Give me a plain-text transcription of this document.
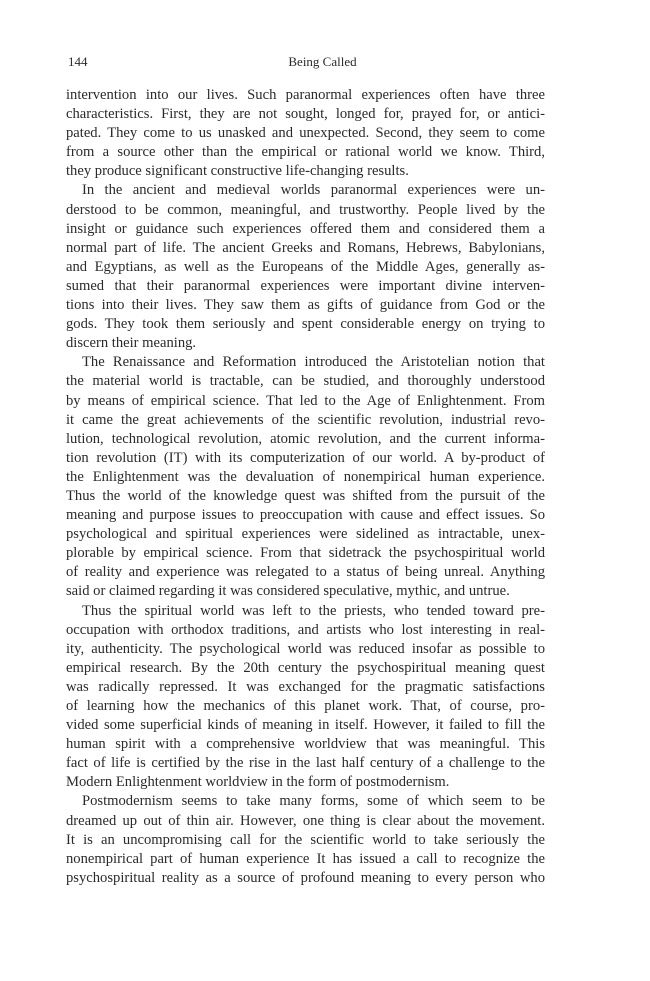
144	Being Called
intervention into our lives. Such paranormal experiences often have three
characteristics. First, they are not sought, longed for, prayed for, or antici-
pated. They come to us unasked and unexpected. Second, they seem to come
from a source other than the empirical or rational world we know. Third,
they produce significant constructive life-changing results.
In the ancient and medieval worlds paranormal experiences were un-
derstood to be common, meaningful, and trustworthy. People lived by the
insight or guidance such experiences offered them and considered them a
normal part of life. The ancient Greeks and Romans, Hebrews, Babylonians,
and Egyptians, as well as the Europeans of the Middle Ages, generally as-
sumed that their paranormal experiences were important divine interven-
tions into their lives. They saw them as gifts of guidance from God or the
gods. They took them seriously and spent considerable energy on trying to
discern their meaning.
The Renaissance and Reformation introduced the Aristotelian notion that
the material world is tractable, can be studied, and thoroughly understood
by means of empirical science. That led to the Age of Enlightenment. From
it came the great achievements of the scientific revolution, industrial revo-
lution, technological revolution, atomic revolution, and the current informa-
tion revolution (IT) with its computerization of our world. A by-product of
the Enlightenment was the devaluation of nonempirical human experience.
Thus the world of the knowledge quest was shifted from the pursuit of the
meaning and purpose issues to preoccupation with cause and effect issues. So
psychological and spiritual experiences were sidelined as intractable, unex-
plorable by empirical science. From that sidetrack the psychospiritual world
of reality and experience was relegated to a status of being unreal. Anything
said or claimed regarding it was considered speculative, mythic, and untrue.
Thus the spiritual world was left to the priests, who tended toward pre-
occupation with orthodox traditions, and artists who lost interesting in real-
ity, authenticity. The psychological world was reduced insofar as possible to
empirical research. By the 20th century the psychospiritual meaning quest
was radically repressed. It was exchanged for the pragmatic satisfactions
of learning how the mechanics of this planet work. That, of course, pro-
vided some superficial kinds of meaning in itself. However, it failed to fill the
human spirit with a comprehensive worldview that was meaningful. This
fact of life is certified by the rise in the last half century of a challenge to the
Modern Enlightenment worldview in the form of postmodernism.
Postmodernism seems to take many forms, some of which seem to be
dreamed up out of thin air. However, one thing is clear about the movement.
It is an uncompromising call for the scientific world to take seriously the
nonempirical part of human experience It has issued a call to recognize the
psychospiritual reality as a source of profound meaning to every person who
